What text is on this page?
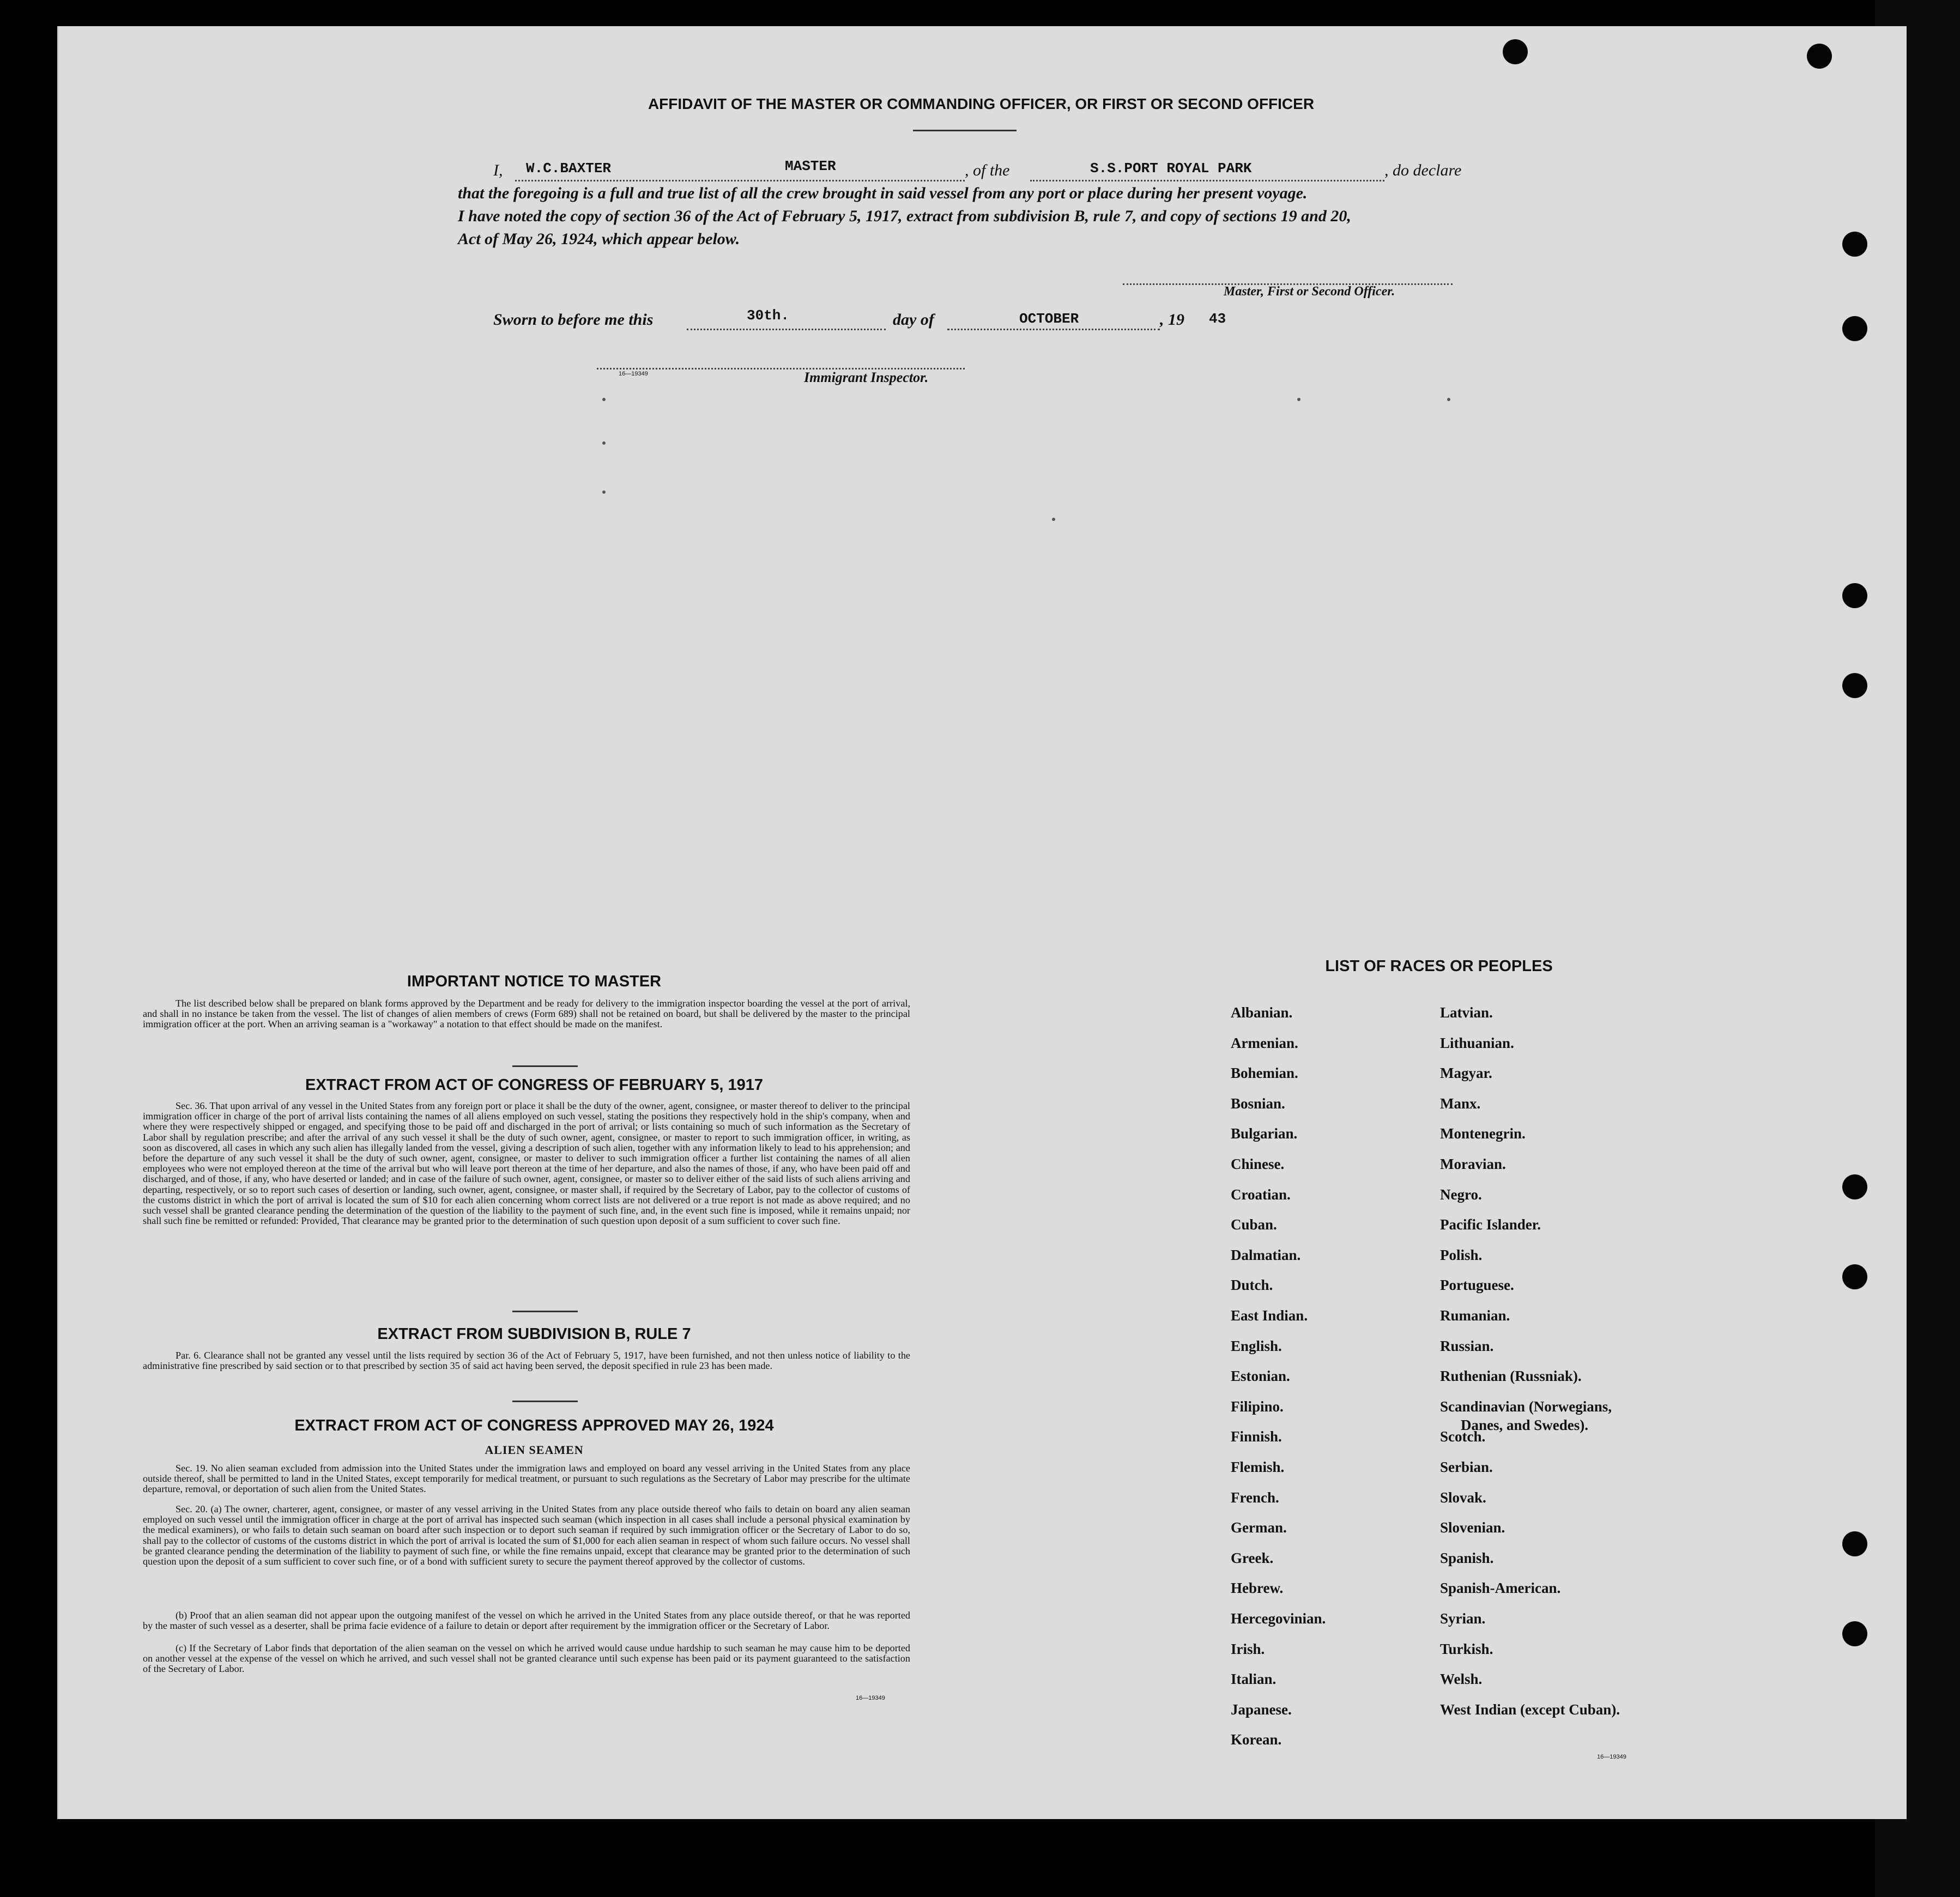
AFFIDAVIT OF THE MASTER OR COMMANDING OFFICER, OR FIRST OR SECOND OFFICER
I, W.C.BAXTER	MASTER	, of the	S.S.PORT ROYAL PARK	, do declare
that the foregoing is a full and true list of all the crew brought in said vessel from any port or place during her present voyage.
I have noted the copy of section 36 of the Act of February 5, 1917, extract from subdivision B, rule 7, and copy of sections 19 and 20,
Act of May 26, 1924, which appear below.
Master, First or Second Officer.
Sworn to before me this	30th.	day of	OCTOBER	, 19 43
16—19349	Immigrant Inspector.
IMPORTANT NOTICE TO MASTER
The list described below shall be prepared on blank forms approved by the Department and be ready for delivery to the immigration inspector boarding the vessel at the port of arrival, and shall in no instance be taken from the vessel. The list of changes of alien members of crews (Form 689) shall not be retained on board, but shall be delivered by the master to the principal immigration officer at the port. When an arriving seaman is a "workaway" a notation to that effect should be made on the manifest.
EXTRACT FROM ACT OF CONGRESS OF FEBRUARY 5, 1917
Sec. 36. That upon arrival of any vessel in the United States from any foreign port or place it shall be the duty of the owner, agent, consignee, or master thereof to deliver to the principal immigration officer in charge of the port of arrival lists containing the names of all aliens employed on such vessel, stating the positions they respectively hold in the ship's company, when and where they were respectively shipped or engaged, and specifying those to be paid off and discharged in the port of arrival; or lists containing so much of such information as the Secretary of Labor shall by regulation prescribe; and after the arrival of any such vessel it shall be the duty of such owner, agent, consignee, or master to report to such immigration officer, in writing, as soon as discovered, all cases in which any such alien has illegally landed from the vessel, giving a description of such alien, together with any information likely to lead to his apprehension; and before the departure of any such vessel it shall be the duty of such owner, agent, consignee, or master to deliver to such immigration officer a further list containing the names of all alien employees who were not employed thereon at the time of the arrival but who will leave port thereon at the time of her departure, and also the names of those, if any, who have been paid off and discharged, and of those, if any, who have deserted or landed; and in case of the failure of such owner, agent, consignee, or master so to deliver either of the said lists of such aliens arriving and departing, respectively, or so to report such cases of desertion or landing, such owner, agent, consignee, or master shall, if required by the Secretary of Labor, pay to the collector of customs of the customs district in which the port of arrival is located the sum of $10 for each alien concerning whom correct lists are not delivered or a true report is not made as above required; and no such vessel shall be granted clearance pending the determination of the question of the liability to the payment of such fine, and, in the event such fine is imposed, while it remains unpaid; nor shall such fine be remitted or refunded: Provided, That clearance may be granted prior to the determination of such question upon deposit of a sum sufficient to cover such fine.
EXTRACT FROM SUBDIVISION B, RULE 7
Par. 6. Clearance shall not be granted any vessel until the lists required by section 36 of the Act of February 5, 1917, have been furnished, and not then unless notice of liability to the administrative fine prescribed by said section or to that prescribed by section 35 of said act having been served, the deposit specified in rule 23 has been made.
EXTRACT FROM ACT OF CONGRESS APPROVED MAY 26, 1924
ALIEN SEAMEN
Sec. 19. No alien seaman excluded from admission into the United States under the immigration laws and employed on board any vessel arriving in the United States from any place outside thereof, shall be permitted to land in the United States, except temporarily for medical treatment, or pursuant to such regulations as the Secretary of Labor may prescribe for the ultimate departure, removal, or deportation of such alien from the United States.
Sec. 20. (a) The owner, charterer, agent, consignee, or master of any vessel arriving in the United States from any place outside thereof who fails to detain on board any alien seaman employed on such vessel until the immigration officer in charge at the port of arrival has inspected such seaman (which inspection in all cases shall include a personal physical examination by the medical examiners), or who fails to detain such seaman on board after such inspection or to deport such seaman if required by such immigration officer or the Secretary of Labor to do so, shall pay to the collector of customs of the customs district in which the port of arrival is located the sum of $1,000 for each alien seaman in respect of whom such failure occurs. No vessel shall be granted clearance pending the determination of the liability to payment of such fine, or while the fine remains unpaid, except that clearance may be granted prior to the determination of such question upon the deposit of a sum sufficient to cover such fine, or of a bond with sufficient surety to secure the payment thereof approved by the collector of customs.
(b) Proof that an alien seaman did not appear upon the outgoing manifest of the vessel on which he arrived in the United States from any place outside thereof, or that he was reported by the master of such vessel as a deserter, shall be prima facie evidence of a failure to detain or deport after requirement by the immigration officer or the Secretary of Labor.
(c) If the Secretary of Labor finds that deportation of the alien seaman on the vessel on which he arrived would cause undue hardship to such seaman he may cause him to be deported on another vessel at the expense of the vessel on which he arrived, and such vessel shall not be granted clearance until such expense has been paid or its payment guaranteed to the satisfaction of the Secretary of Labor.
16—19349
LIST OF RACES OR PEOPLES
Albanian.
Armenian.
Bohemian.
Bosnian.
Bulgarian.
Chinese.
Croatian.
Cuban.
Dalmatian.
Dutch.
East Indian.
English.
Estonian.
Filipino.
Finnish.
Flemish.
French.
German.
Greek.
Hebrew.
Hercegovinian.
Irish.
Italian.
Japanese.
Korean.
Latvian.
Lithuanian.
Magyar.
Manx.
Montenegrin.
Moravian.
Negro.
Pacific Islander.
Polish.
Portuguese.
Rumanian.
Russian.
Ruthenian (Russniak).
Scandinavian (Norwegians,
Danes, and Swedes).
Scotch.
Serbian.
Slovak.
Slovenian.
Spanish.
Spanish-American.
Syrian.
Turkish.
Welsh.
West Indian (except Cuban).
16—19349
